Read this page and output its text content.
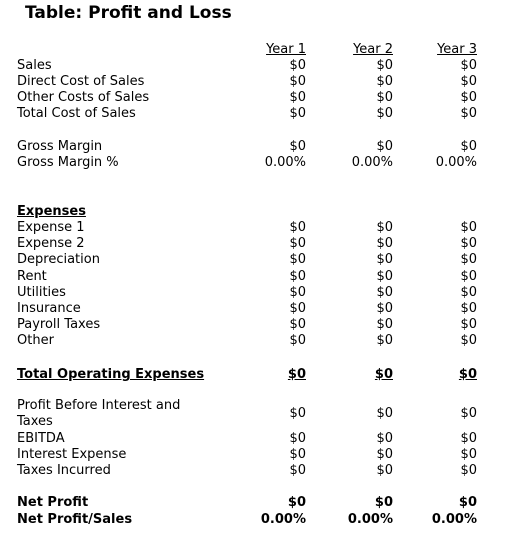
Table: Profit and Loss
Year 1	Year 2	Year 3
Sales	$0	$0	$0
Direct Cost of Sales	$0	$0	$0
Other Costs of Sales	$0	$0	$0
Total Cost of Sales	$0	$0	$0
Gross Margin	$0	$0	$0
Gross Margin %	0.00%	0.00%	0.00%
Expenses
Expense 1	$0	$0	$0
Expense 2	$0	$0	$0
Depreciation	$0	$0	$0
Rent	$0	$0	$0
Utilities	$0	$0	$0
Insurance	$0	$0	$0
Payroll Taxes	$0	$0	$0
Other	$0	$0	$0
Total Operating Expenses	$0	$0	$0
Profit Before Interest and Taxes
$0	$0	$0
EBITDA	$0	$0	$0
Interest Expense	$0	$0	$0
Taxes Incurred	$0	$0	$0
Net Profit	$0	$0	$0
Net Profit/Sales	0.00%	0.00%	0.00%
